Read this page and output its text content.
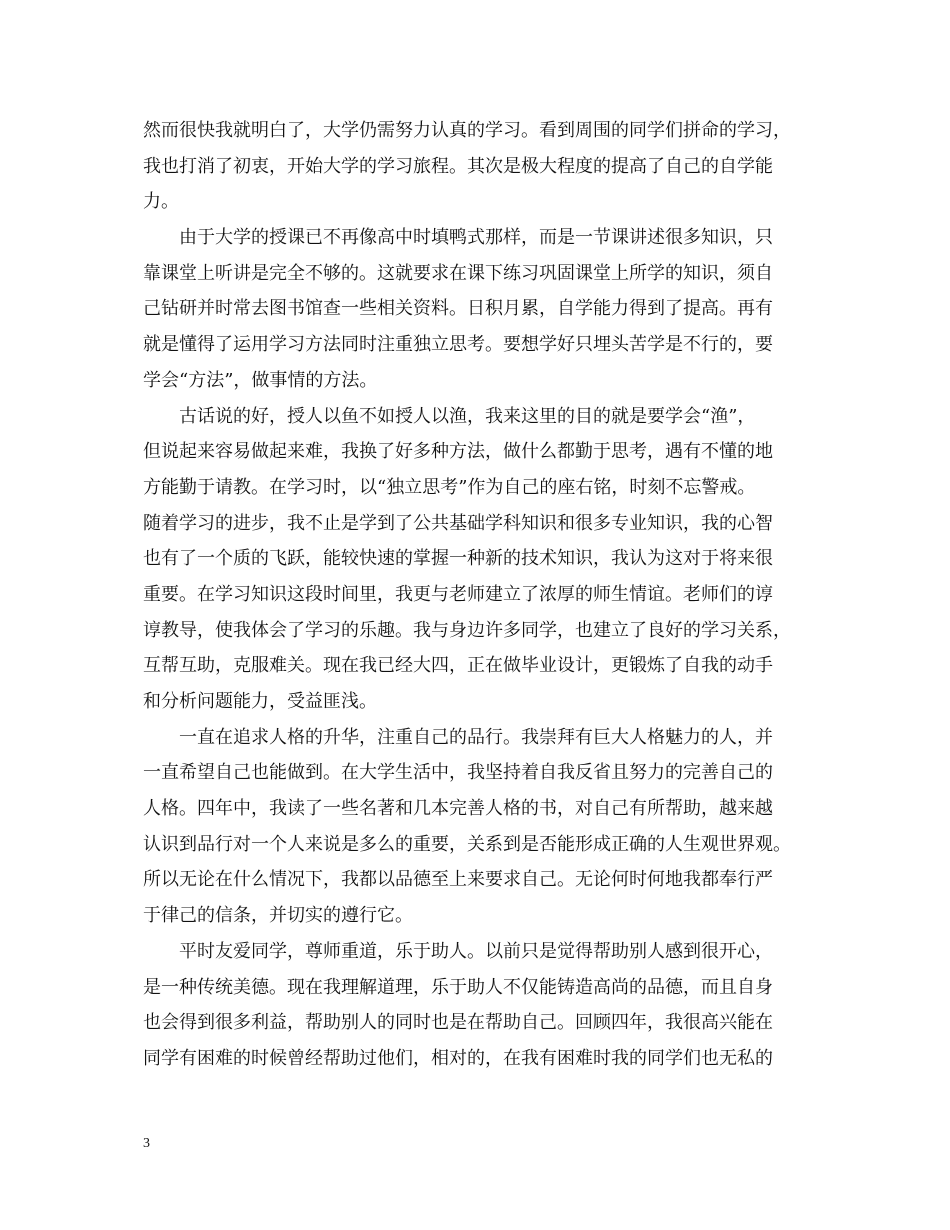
然而很快我就明白了，大学仍需努力认真的学习。看到周围的同学们拼命的学习，
我也打消了初衷，开始大学的学习旅程。其次是极大程度的提高了自己的自学能
力。
由于大学的授课已不再像高中时填鸭式那样，而是一节课讲述很多知识，只
靠课堂上听讲是完全不够的。这就要求在课下练习巩固课堂上所学的知识，须自
己钻研并时常去图书馆查一些相关资料。日积月累，自学能力得到了提高。再有
就是懂得了运用学习方法同时注重独立思考。要想学好只埋头苦学是不行的，要
学会“方法”，做事情的方法。
古话说的好，授人以鱼不如授人以渔，我来这里的目的就是要学会“渔”，
但说起来容易做起来难，我换了好多种方法，做什么都勤于思考，遇有不懂的地
方能勤于请教。在学习时，以“独立思考”作为自己的座右铭，时刻不忘警戒。
随着学习的进步，我不止是学到了公共基础学科知识和很多专业知识，我的心智
也有了一个质的飞跃，能较快速的掌握一种新的技术知识，我认为这对于将来很
重要。在学习知识这段时间里，我更与老师建立了浓厚的师生情谊。老师们的谆
谆教导，使我体会了学习的乐趣。我与身边许多同学，也建立了良好的学习关系，
互帮互助，克服难关。现在我已经大四，正在做毕业设计，更锻炼了自我的动手
和分析问题能力，受益匪浅。
一直在追求人格的升华，注重自己的品行。我崇拜有巨大人格魅力的人，并
一直希望自己也能做到。在大学生活中，我坚持着自我反省且努力的完善自己的
人格。四年中，我读了一些名著和几本完善人格的书，对自己有所帮助，越来越
认识到品行对一个人来说是多么的重要，关系到是否能形成正确的人生观世界观。
所以无论在什么情况下，我都以品德至上来要求自己。无论何时何地我都奉行严
于律己的信条，并切实的遵行它。
平时友爱同学，尊师重道，乐于助人。以前只是觉得帮助别人感到很开心，
是一种传统美德。现在我理解道理，乐于助人不仅能铸造高尚的品德，而且自身
也会得到很多利益，帮助别人的同时也是在帮助自己。回顾四年，我很高兴能在
同学有困难的时候曾经帮助过他们，相对的，在我有困难时我的同学们也无私的
3
